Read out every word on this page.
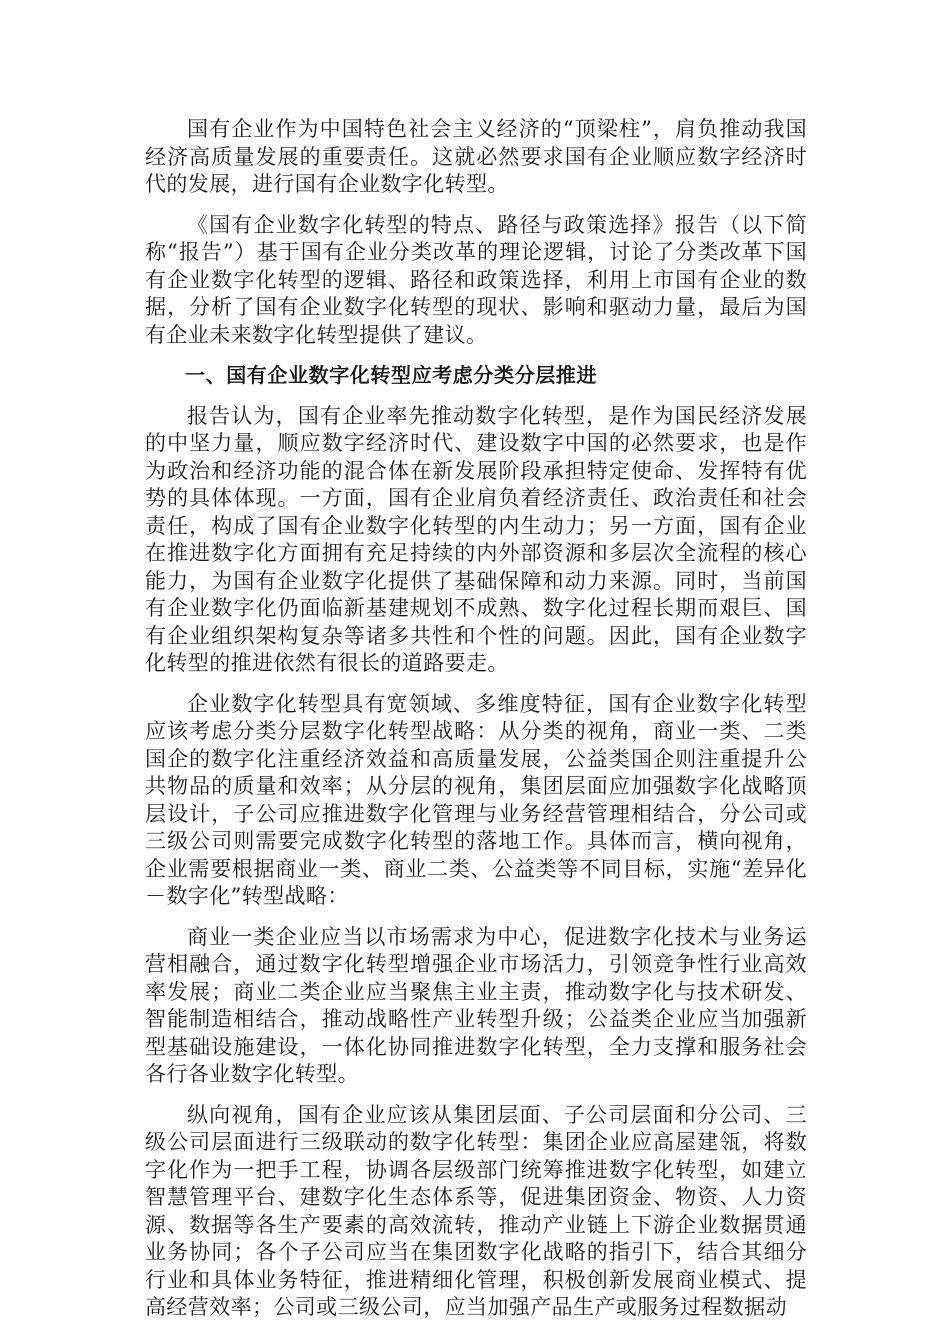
国有企业作为中国特色社会主义经济的“顶梁柱”，肩负推动我国经济高质量发展的重要责任。这就必然要求国有企业顺应数字经济时代的发展，进行国有企业数字化转型。

《国有企业数字化转型的特点、路径与政策选择》报告（以下简称“报告”）基于国有企业分类改革的理论逻辑，讨论了分类改革下国有企业数字化转型的逻辑、路径和政策选择，利用上市国有企业的数据，分析了国有企业数字化转型的现状、影响和驱动力量，最后为国有企业未来数字化转型提供了建议。

一、国有企业数字化转型应考虑分类分层推进

报告认为，国有企业率先推动数字化转型，是作为国民经济发展的中坚力量，顺应数字经济时代、建设数字中国的必然要求，也是作为政治和经济功能的混合体在新发展阶段承担特定使命、发挥特有优势的具体体现。一方面，国有企业肩负着经济责任、政治责任和社会责任，构成了国有企业数字化转型的内生动力；另一方面，国有企业在推进数字化方面拥有充足持续的内外部资源和多层次全流程的核心能力，为国有企业数字化提供了基础保障和动力来源。同时，当前国有企业数字化仍面临新基建规划不成熟、数字化过程长期而艰巨、国有企业组织架构复杂等诸多共性和个性的问题。因此，国有企业数字化转型的推进依然有很长的道路要走。

企业数字化转型具有宽领域、多维度特征，国有企业数字化转型应该考虑分类分层数字化转型战略：从分类的视角，商业一类、二类国企的数字化注重经济效益和高质量发展，公益类国企则注重提升公共物品的质量和效率；从分层的视角，集团层面应加强数字化战略顶层设计，子公司应推进数字化管理与业务经营管理相结合，分公司或三级公司则需要完成数字化转型的落地工作。具体而言，横向视角，企业需要根据商业一类、商业二类、公益类等不同目标，实施“差异化－数字化”转型战略：

商业一类企业应当以市场需求为中心，促进数字化技术与业务运营相融合，通过数字化转型增强企业市场活力，引领竞争性行业高效率发展；商业二类企业应当聚焦主业主责，推动数字化与技术研发、智能制造相结合，推动战略性产业转型升级；公益类企业应当加强新型基础设施建设，一体化协同推进数字化转型，全力支撑和服务社会各行各业数字化转型。

纵向视角，国有企业应该从集团层面、子公司层面和分公司、三级公司层面进行三级联动的数字化转型：集团企业应高屋建瓴，将数字化作为一把手工程，协调各层级部门统筹推进数字化转型，如建立智慧管理平台、建数字化生态体系等，促进集团资金、物资、人力资源、数据等各生产要素的高效流转，推动产业链上下游企业数据贯通业务协同；各个子公司应当在集团数字化战略的指引下，结合其细分行业和具体业务特征，推进精细化管理，积极创新发展商业模式、提高经营效率；公司或三级公司，应当加强产品生产或服务过程数据动
